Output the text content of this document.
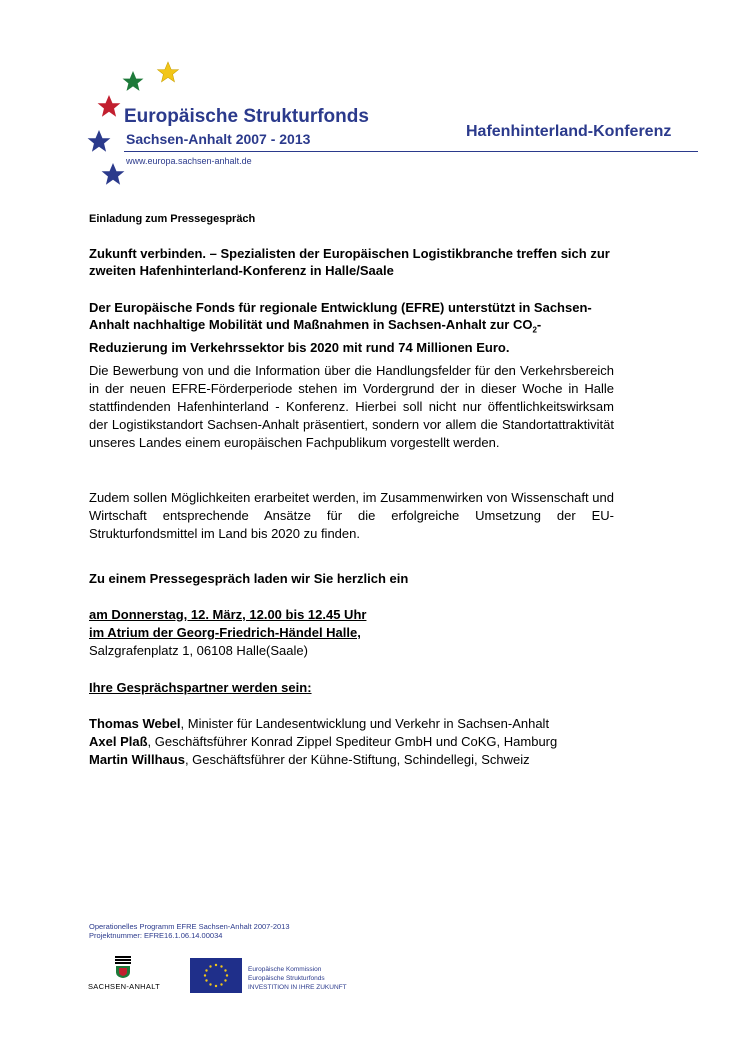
Europäische Strukturfonds
Sachsen-Anhalt 2007 - 2013
www.europa.sachsen-anhalt.de
Hafenhinterland-Konferenz
Einladung zum Pressegespräch
Zukunft verbinden. – Spezialisten der Europäischen Logistikbranche treffen sich zur zweiten Hafenhinterland-Konferenz in Halle/Saale
Der Europäische Fonds für regionale Entwicklung (EFRE) unterstützt in Sachsen-Anhalt nachhaltige Mobilität und Maßnahmen in Sachsen-Anhalt zur $CO_2$-Reduzierung im Verkehrssektor bis 2020 mit rund 74 Millionen Euro.
Die Bewerbung von und die Information über die Handlungsfelder für den Verkehrsbereich in der neuen EFRE-Förderperiode stehen im Vordergrund der in dieser Woche in Halle stattfindenden Hafenhinterland - Konferenz. Hierbei soll nicht nur öffentlichkeitswirksam der Logistikstandort Sachsen-Anhalt präsentiert, sondern vor allem die Standortattraktivität unseres Landes einem europäischen Fachpublikum vorgestellt werden.
Zudem sollen Möglichkeiten erarbeitet werden, im Zusammenwirken von Wissenschaft und Wirtschaft entsprechende Ansätze für die erfolgreiche Umsetzung der EU-Strukturfondsmittel im Land bis 2020 zu finden.
Zu einem Pressegespräch laden wir Sie herzlich ein
am Donnerstag, 12. März, 12.00 bis 12.45 Uhr
im Atrium der Georg-Friedrich-Händel Halle,
Salzgrafenplatz 1, 06108 Halle(Saale)
Ihre Gesprächspartner werden sein:
Thomas Webel, Minister für Landesentwicklung und Verkehr in Sachsen-Anhalt
Axel Plaß, Geschäftsführer Konrad Zippel Spediteur GmbH und CoKG, Hamburg
Martin Willhaus, Geschäftsführer der Kühne-Stiftung, Schindellegi, Schweiz
Operationelles Programm EFRE Sachsen-Anhalt 2007-2013
Projektnummer: EFRE16.1.06.14.00034
SACHSEN-ANHALT
Europäische Kommission
Europäische Strukturfonds
INVESTITION IN IHRE ZUKUNFT
